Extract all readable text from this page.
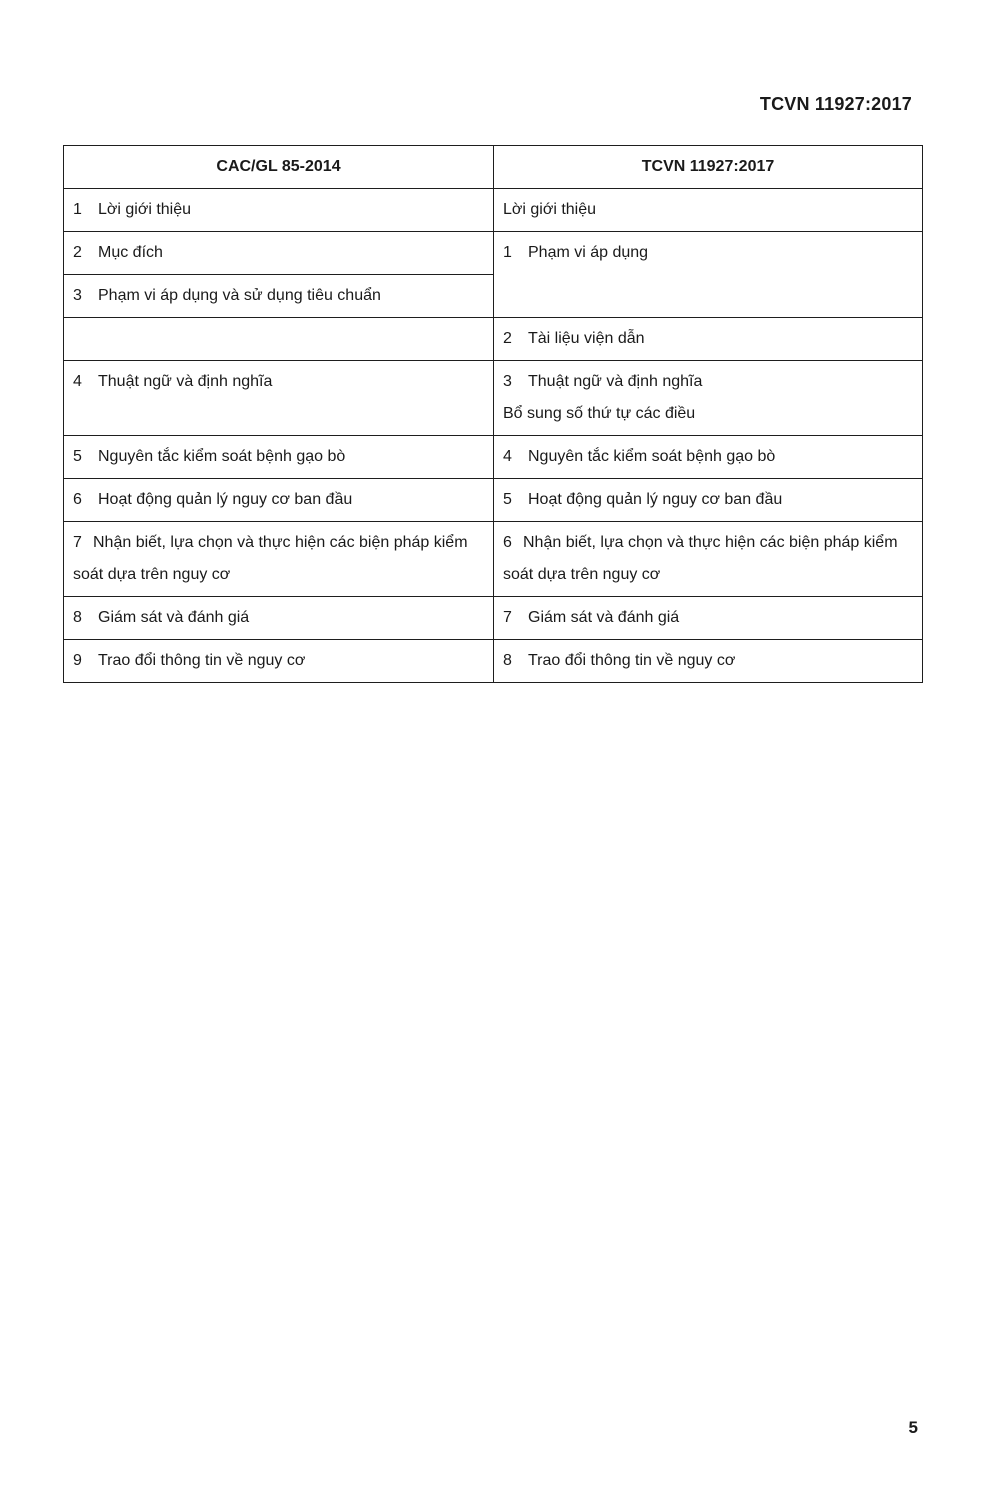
TCVN 11927:2017
CAC/GL 85-2014	TCVN 11927:2017
1 Lời giới thiệu	Lời giới thiệu
2 Mục đích	1 Phạm vi áp dụng
3 Phạm vi áp dụng và sử dụng tiêu chuẩn	
	2 Tài liệu viện dẫn
4 Thuật ngữ và định nghĩa	3 Thuật ngữ và định nghĩa
Bổ sung số thứ tự các điều

5 Nguyên tắc kiểm soát bệnh gạo bò	4 Nguyên tắc kiểm soát bệnh gạo bò
6 Hoạt động quản lý nguy cơ ban đầu	5 Hoạt động quản lý nguy cơ ban đầu
7 Nhận biết, lựa chọn và thực hiện các biện pháp kiểm soát dựa trên nguy cơ	6 Nhận biết, lựa chọn và thực hiện các biện pháp kiểm soát dựa trên nguy cơ
8 Giám sát và đánh giá	7 Giám sát và đánh giá
9 Trao đổi thông tin về nguy cơ	8 Trao đổi thông tin về nguy cơ
5
